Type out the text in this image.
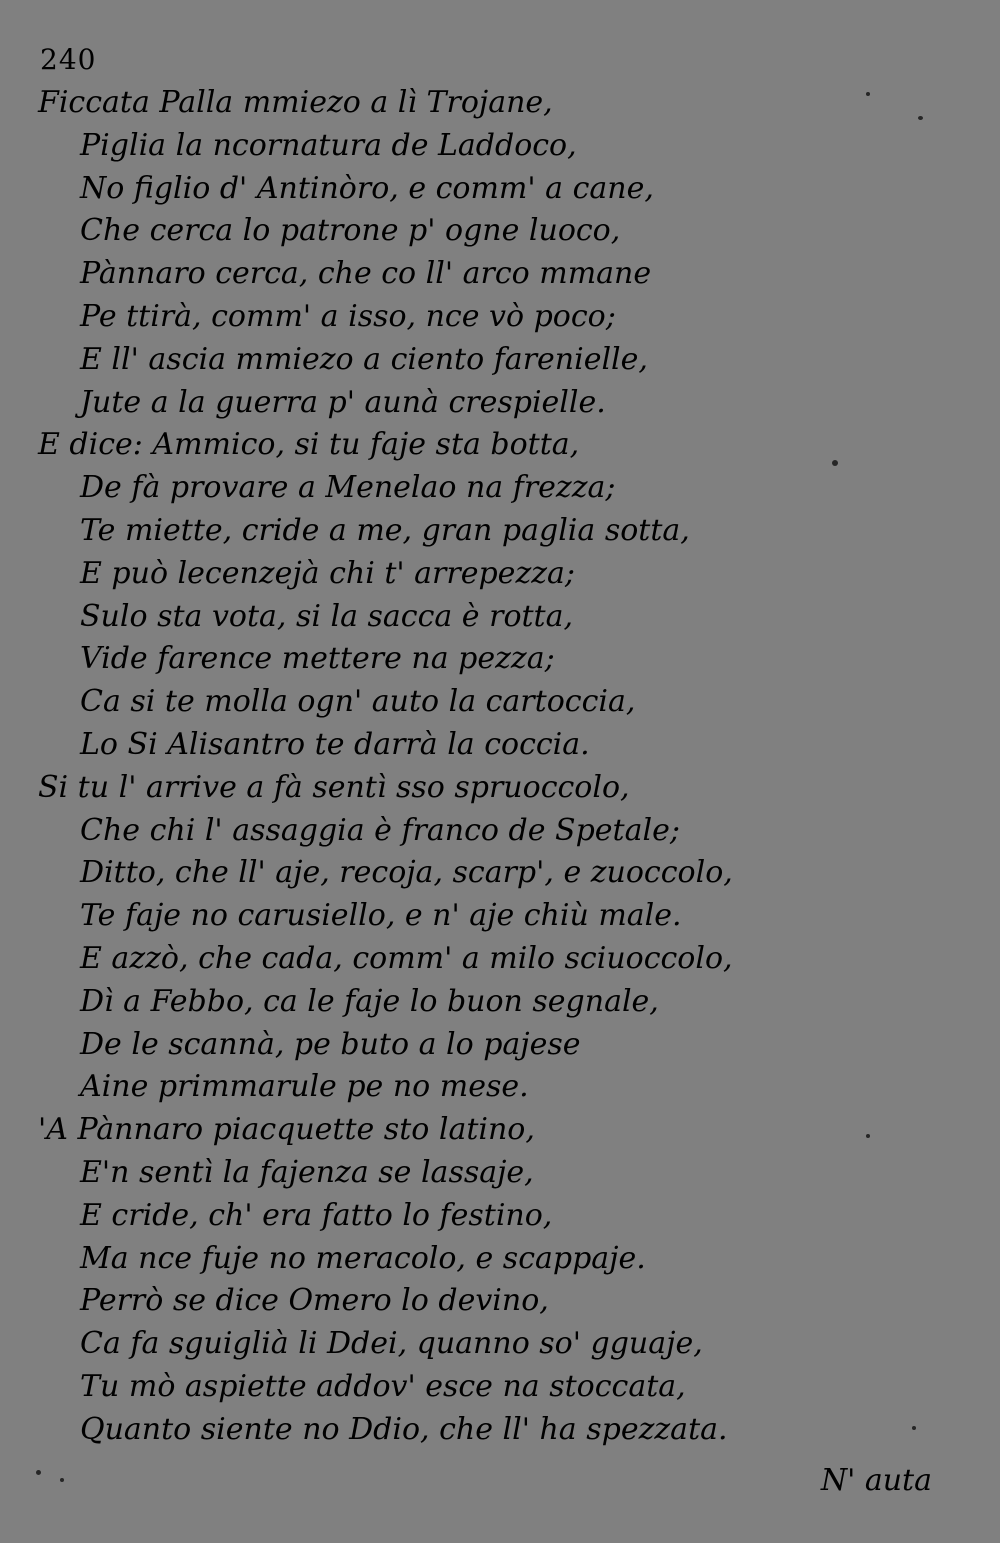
240
Ficcata Palla mmiezo a lì Trojane,
Piglia la ncornatura de Laddoco,
No figlio d' Antinòro, e comm' a cane,
Che cerca lo patrone p' ogne luoco,
Pànnaro cerca, che co ll' arco mmane
Pe ttirà, comm' a isso, nce vò poco;
E ll' ascia mmiezo a ciento farenielle,
Jute a la guerra p' aunà crespielle.
E dice: Ammico, si tu faje sta botta,
De fà provare a Menelao na frezza;
Te miette, cride a me, gran paglia sotta,
E può lecenzejà chi t' arrepezza;
Sulo sta vota, si la sacca è rotta,
Vide farence mettere na pezza;
Ca si te molla ogn' auto la cartoccia,
Lo Si Alisantro te darrà la coccia.
Si tu l' arrive a fà sentì sso spruoccolo,
Che chi l' assaggia è franco de Spetale;
Ditto, che ll' aje, recoja, scarp', e zuoccolo,
Te faje no carusiello, e n' aje chiù male.
E azzò, che cada, comm' a milo sciuoccolo,
Dì a Febbo, ca le faje lo buon segnale,
De le scannà, pe buto a lo pajese
Aine primmarule pe no mese.
'A Pànnaro piacquette sto latino,
E'n sentì la fajenza se lassaje,
E cride, ch' era fatto lo festino,
Ma nce fuje no meracolo, e scappaje.
Perrò se dice Omero lo devino,
Ca fa sguiglià li Ddei, quanno so' gguaje,
Tu mò aspiette addov' esce na stoccata,
Quanto siente no Ddio, che ll' ha spezzata.
N' auta
